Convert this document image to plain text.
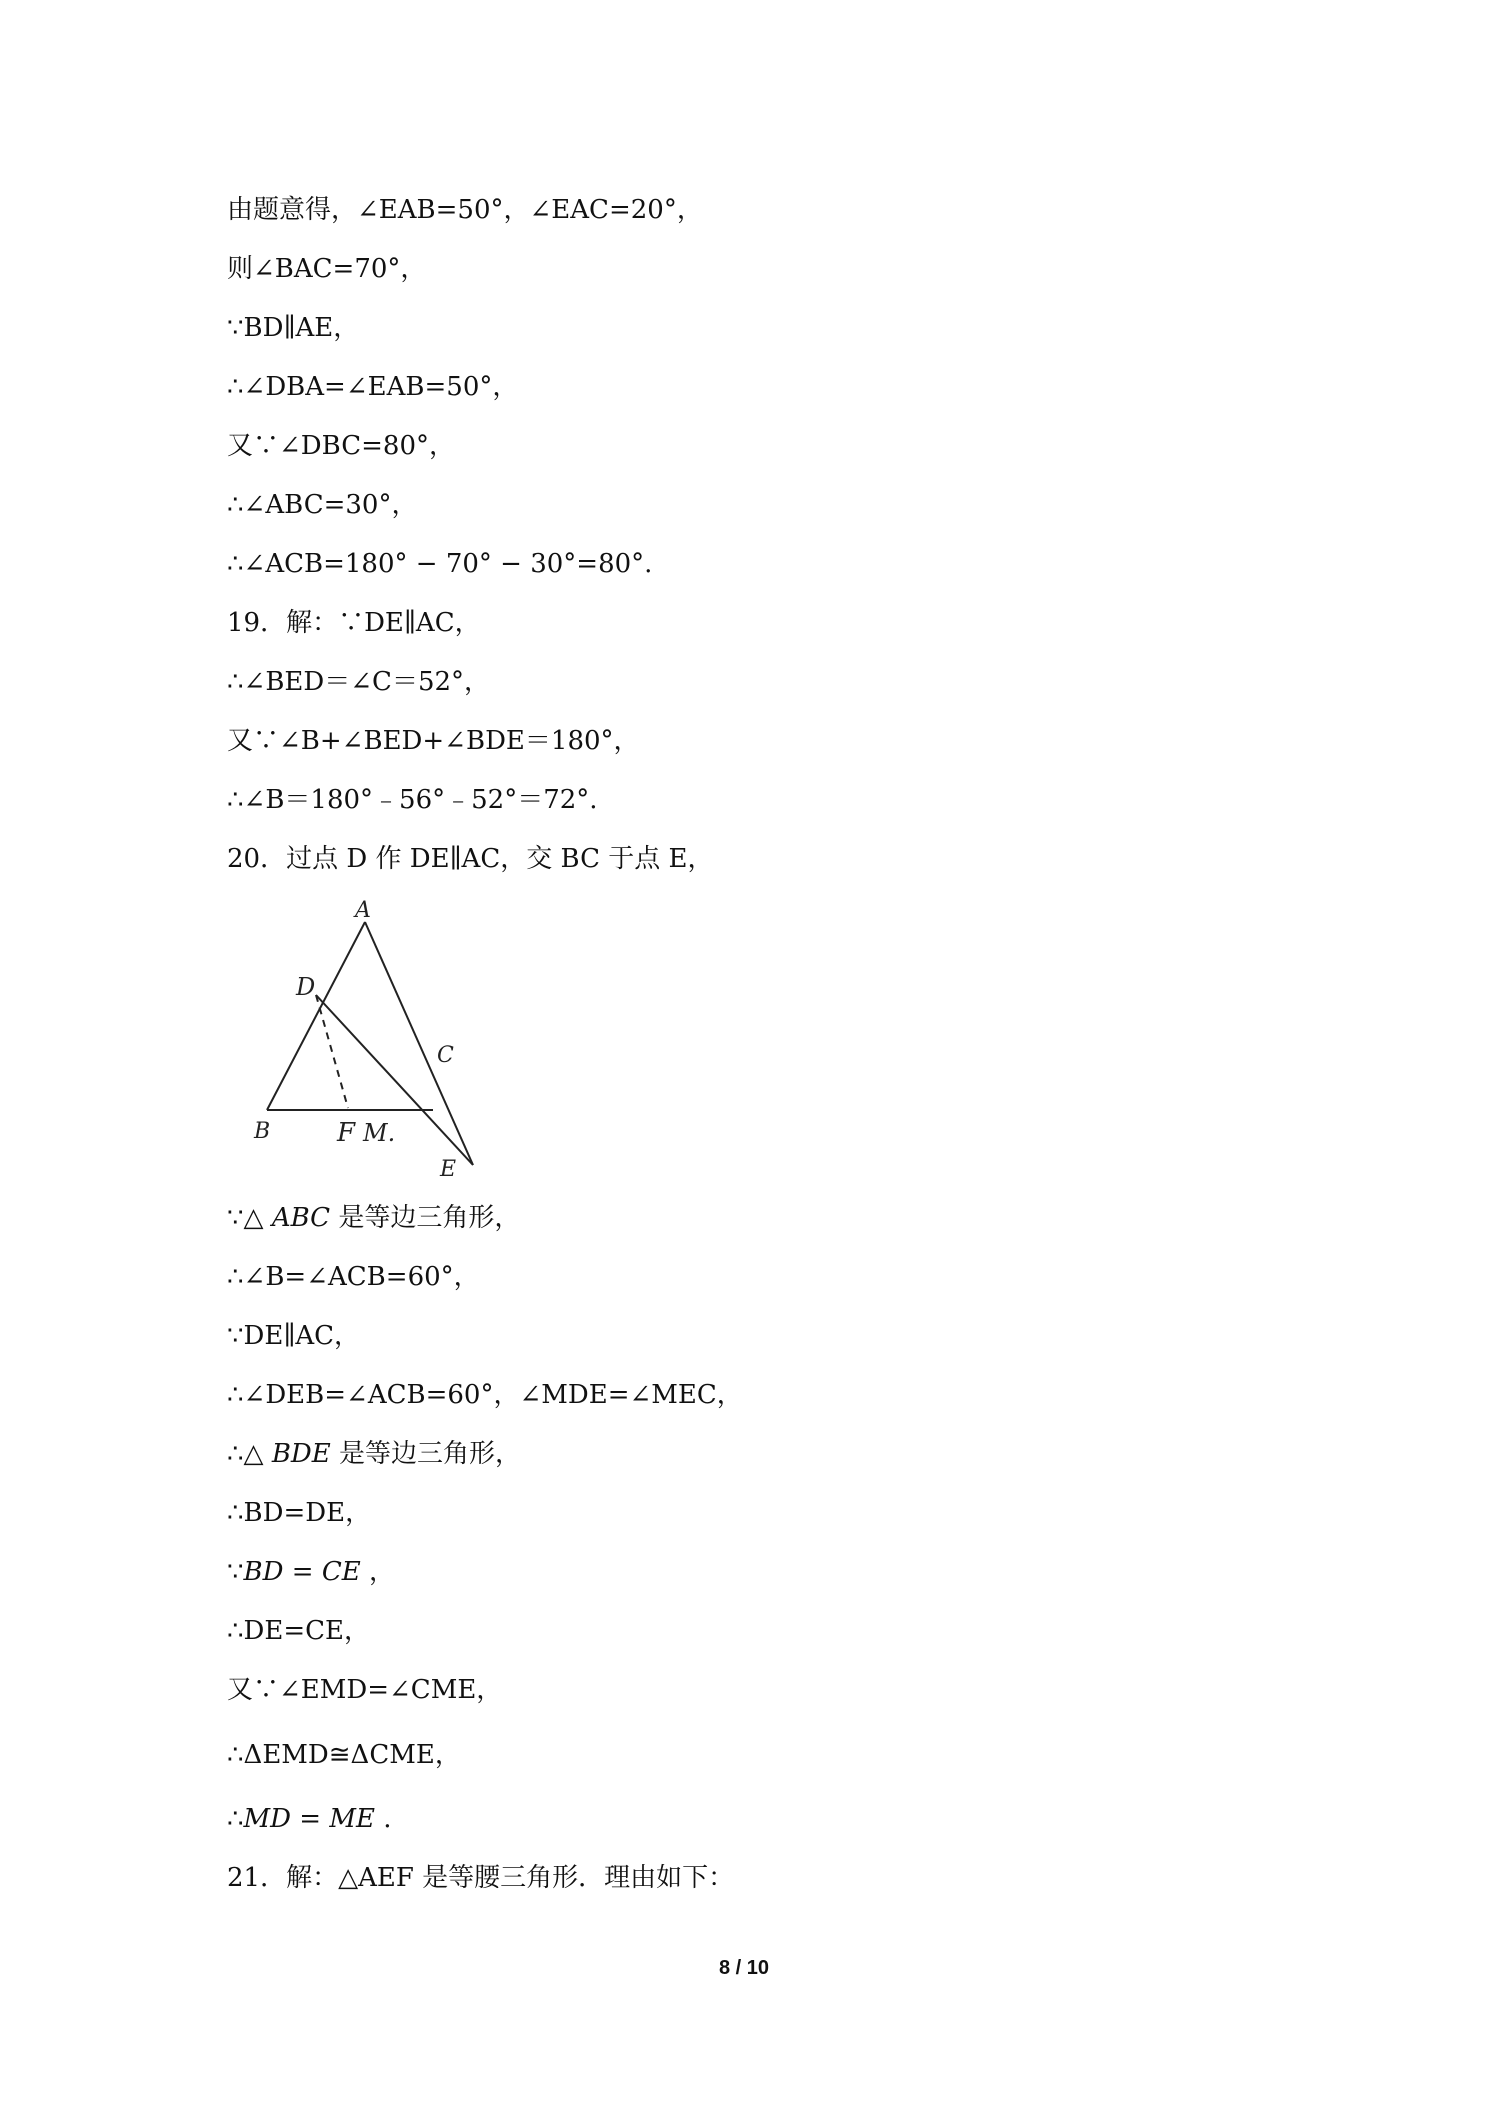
由题意得，∠EAB=50°，∠EAC=20°，
则∠BAC=70°，
∵BD∥AE，
∴∠DBA=∠EAB=50°，
又∵∠DBC=80°，
∴∠ABC=30°，
∴∠ACB=180° − 70° − 30°=80°.
19．解：∵DE∥AC，
∴∠BED＝∠C＝52°，
又∵∠B+∠BED+∠BDE＝180°，
∴∠B＝180°﹣56°﹣52°＝72°.
20．过点 D 作 DE∥AC，交 BC 于点 E，
A
D
C
B	F M.
E
∵△ ABC 是等边三角形，
∴∠B=∠ACB=60°，
∵DE∥AC，
∴∠DEB=∠ACB=60°，∠MDE=∠MEC，
∴△ BDE 是等边三角形，
∴BD=DE，
∵BD = CE ，
∴DE=CE，
又∵∠EMD=∠CME，
∴ΔEMD≅ΔCME，
∴MD = ME .
21．解：△AEF 是等腰三角形．理由如下：
8 / 10
